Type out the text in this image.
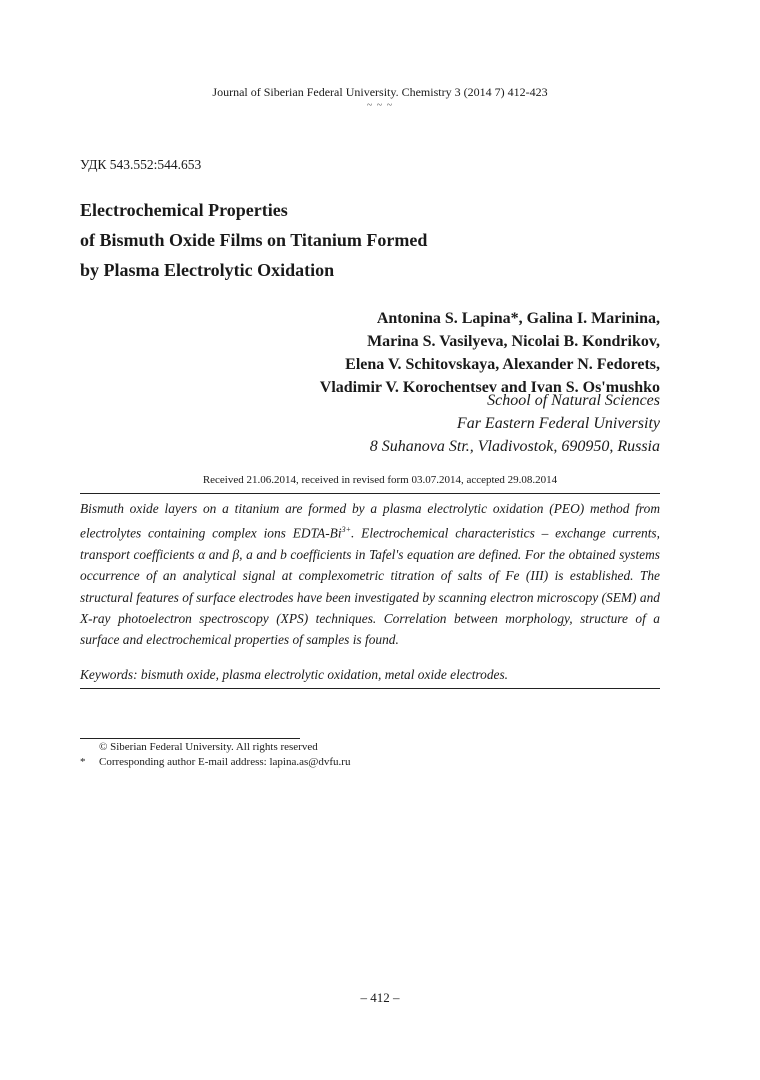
Journal of Siberian Federal University. Chemistry 3 (2014 7) 412-423
~ ~ ~
УДК 543.552:544.653
Electrochemical Properties
of Bismuth Oxide Films on Titanium Formed
by Plasma Electrolytic Oxidation
Antonina S. Lapina*, Galina I. Marinina,
Marina S. Vasilyeva, Nicolai B. Kondrikov,
Elena V. Schitovskaya, Alexander N. Fedorets,
Vladimir V. Korochentsev and Ivan S. Os'mushko
School of Natural Sciences
Far Eastern Federal University
8 Suhanova Str., Vladivostok, 690950, Russia
Received 21.06.2014, received in revised form 03.07.2014, accepted 29.08.2014
Bismuth oxide layers on a titanium are formed by a plasma electrolytic oxidation (PEO) method from electrolytes containing complex ions EDTA-$Bi^{3+}$. Electrochemical characteristics – exchange currents, transport coefficients α and β, a and b coefficients in Tafel's equation are defined. For the obtained systems occurrence of an analytical signal at complexometric titration of salts of Fe (III) is established. The structural features of surface electrodes have been investigated by scanning electron microscopy (SEM) and X-ray photoelectron spectroscopy (XPS) techniques. Correlation between morphology, structure of a surface and electrochemical properties of samples is found.
Keywords: bismuth oxide, plasma electrolytic oxidation, metal oxide electrodes.
© Siberian Federal University. All rights reserved
* Corresponding author E-mail address: lapina.as@dvfu.ru
– 412 –
